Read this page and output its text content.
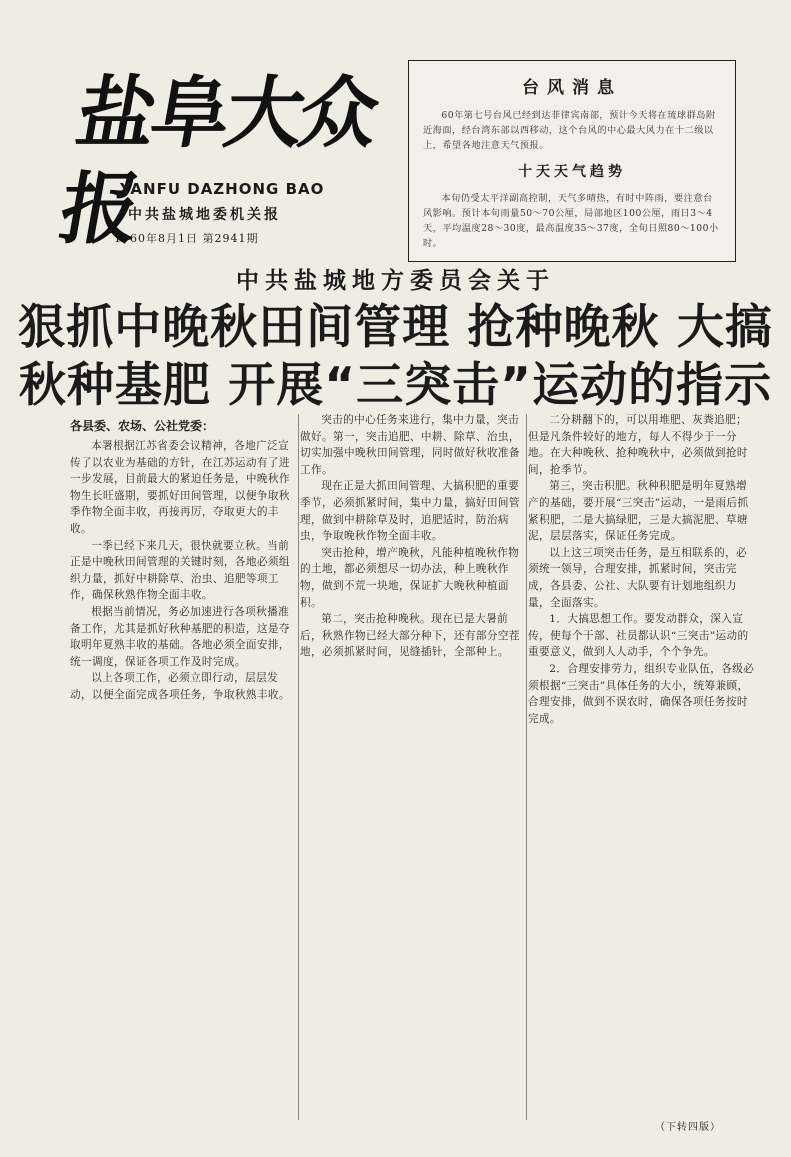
盐阜大众报
YANFU DAZHONG BAO
中共盐城地委机关报
1960年8月1日 第2941期
台风消息

60年第七号台风已经到达菲律宾南部，预计今天将在琉球群岛附近海面，经台湾东部以西移动，这个台风的中心最大风力在十二级以上，希望各地注意天气预报。

十天天气趋势

本旬仍受太平洋副高控制，天气多晴热，有时中阵雨，要注意台风影响。预计本旬雨量50～70公厘，局部地区100公厘，雨日3～4天，平均温度28～30度，最高温度35～37度，全旬日照80～100小时。

中共盐城地方委员会关于
狠抓中晚秋田间管理 抢种晚秋 大搞
秋种基肥 开展“三突击”运动的指示
各县委、农场、公社党委：

本署根据江苏省委会议精神，各地广泛宣传了以农业为基础的方针，在江苏运动有了进一步发展，目前最大的紧迫任务是，中晚秋作物生长旺盛期，要抓好田间管理，以便争取秋季作物全面丰收，再接再厉，夺取更大的丰收。

一季已经下来几天，很快就要立秋。当前正是中晚秋田间管理的关键时刻，各地必须组织力量，抓好中耕除草、治虫、追肥等项工作，确保秋熟作物全面丰收。

根据当前情况，务必加速进行各项秋播准备工作，尤其是抓好秋种基肥的积造，这是夺取明年夏熟丰收的基础。各地必须全面安排，统一调度，保证各项工作及时完成。

以上各项工作，必须立即行动，层层发动，以便全面完成各项任务，争取秋熟丰收。

突击的中心任务来进行，集中力量，突击做好。第一，突击追肥、中耕、除草、治虫，切实加强中晚秋田间管理，同时做好秋收准备工作。

现在正是大抓田间管理、大搞积肥的重要季节，必须抓紧时间，集中力量，搞好田间管理，做到中耕除草及时，追肥适时，防治病虫，争取晚秋作物全面丰收。

突击抢种，增产晚秋，凡能种植晚秋作物的土地，都必须想尽一切办法，种上晚秋作物，做到不荒一块地，保证扩大晚秋种植面积。

第二，突击抢种晚秋。现在已是大暑前后，秋熟作物已经大部分种下，还有部分空茬地，必须抓紧时间，见缝插针，全部种上。

二分耕翻下的，可以用堆肥、灰粪追肥；但是凡条件较好的地方，每人不得少于一分地。在大种晚秋、抢种晚秋中，必须做到抢时间，抢季节。

第三，突击积肥。秋种积肥是明年夏熟增产的基础，要开展“三突击”运动，一是雨后抓紧积肥，二是大搞绿肥，三是大搞泥肥、草塘泥，层层落实，保证任务完成。

以上这三项突击任务，是互相联系的，必须统一领导，合理安排，抓紧时间，突击完成，各县委、公社、大队要有计划地组织力量，全面落实。

1．大搞思想工作。要发动群众，深入宣传，使每个干部、社员都认识“三突击”运动的重要意义，做到人人动手，个个争先。

2．合理安排劳力，组织专业队伍，各级必须根据“三突击”具体任务的大小，统筹兼顾，合理安排，做到不误农时，确保各项任务按时完成。

（下转四版）
